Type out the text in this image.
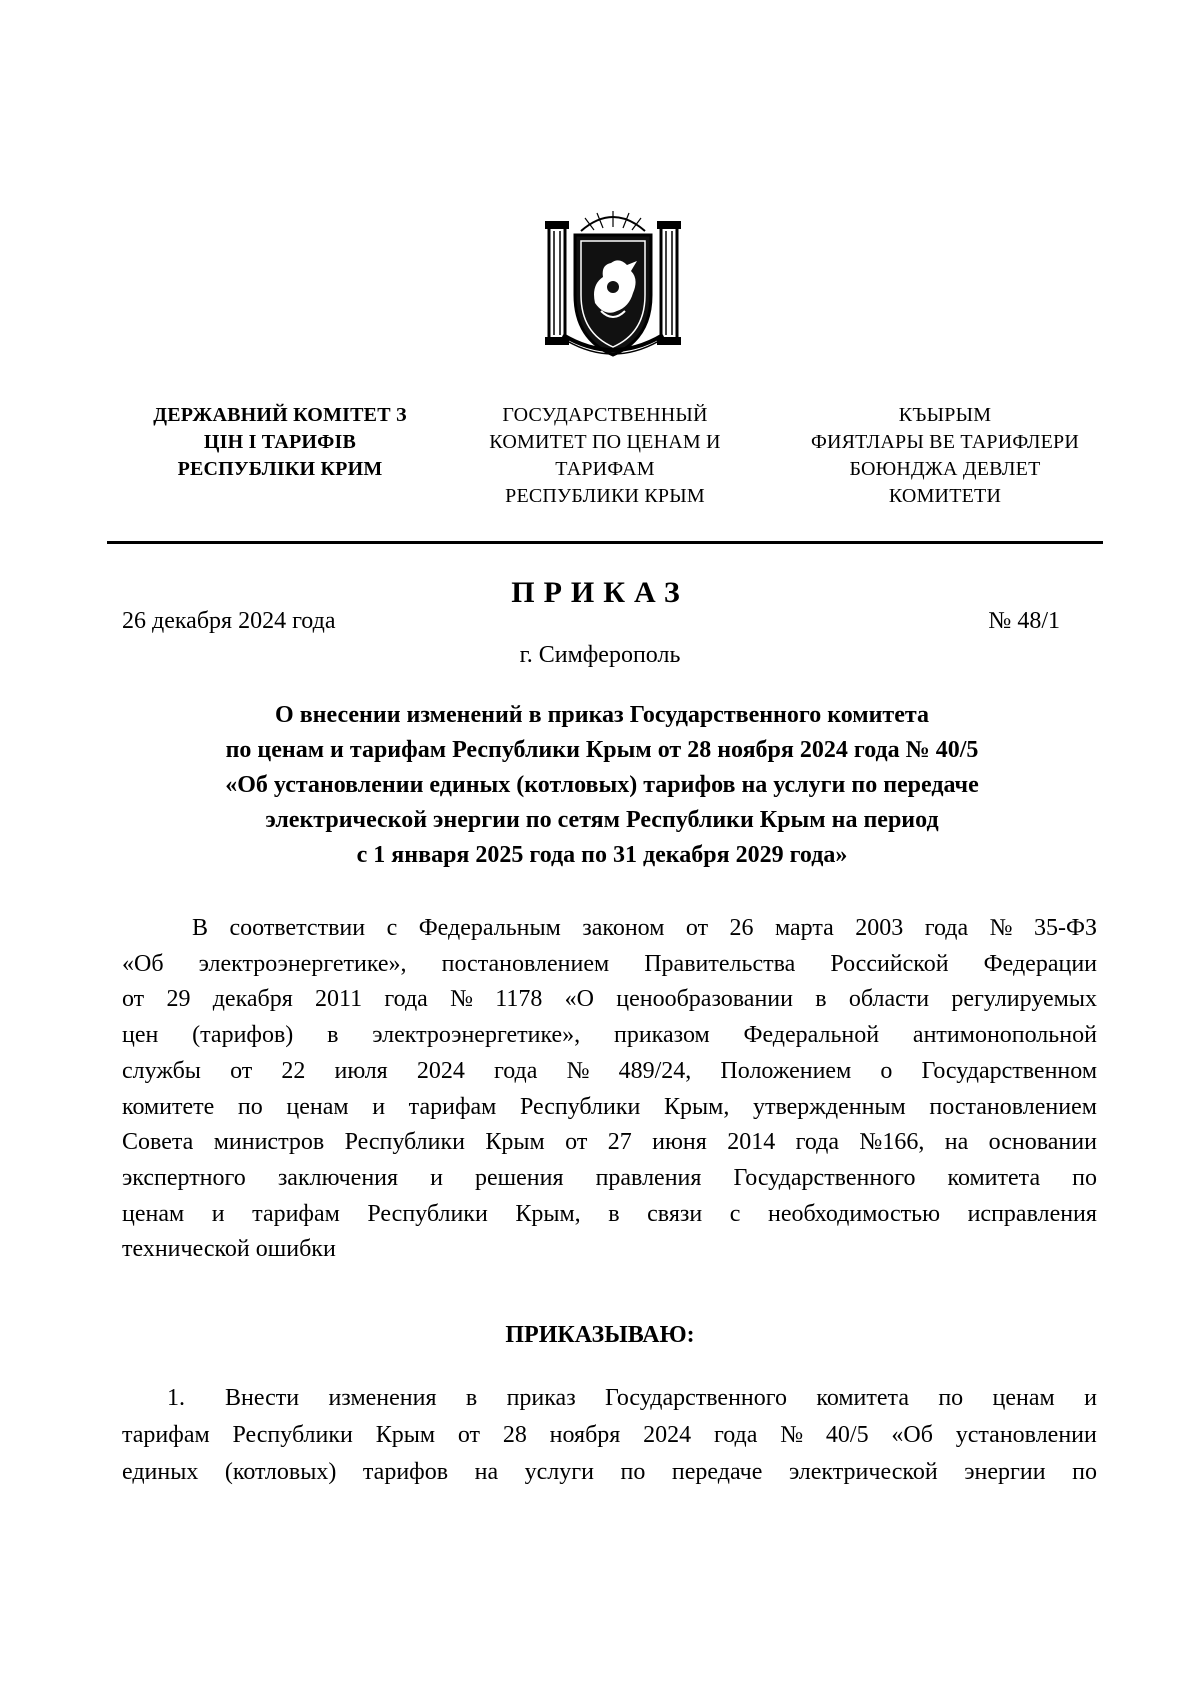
ДЕРЖАВНИЙ КОМІТЕТ З
ЦІН І ТАРИФІВ
РЕСПУБЛІКИ КРИМ
ГОСУДАРСТВЕННЫЙ
КОМИТЕТ ПО ЦЕНАМ И
ТАРИФАМ
РЕСПУБЛИКИ КРЫМ
КЪЫРЫМ
ФИЯТЛАРЫ ВЕ ТАРИФЛЕРИ
БОЮНДЖА ДЕВЛЕТ
КОМИТЕТИ
ПРИКАЗ
26 декабря 2024 года	№ 48/1
г. Симферополь
О внесении изменений в приказ Государственного комитета
по ценам и тарифам Республики Крым от 28 ноября 2024 года № 40/5
«Об установлении единых (котловых) тарифов на услуги по передаче
электрической энергии по сетям Республики Крым на период
с 1 января 2025 года по 31 декабря 2029 года»
В соответствии с Федеральным законом от 26 марта 2003 года № 35-ФЗ
«Об электроэнергетике», постановлением Правительства Российской Федерации
от 29 декабря 2011 года № 1178 «О ценообразовании в области регулируемых
цен (тарифов) в электроэнергетике», приказом Федеральной антимонопольной
службы от 22 июля 2024 года № 489/24, Положением о Государственном
комитете по ценам и тарифам Республики Крым, утвержденным постановлением
Совета министров Республики Крым от 27 июня 2014 года №166, на основании
экспертного заключения и решения правления Государственного комитета по
ценам и тарифам Республики Крым, в связи с необходимостью исправления
технической ошибки
ПРИКАЗЫВАЮ:
1.	Внести изменения в приказ Государственного комитета по ценам и
тарифам Республики Крым от 28 ноября 2024 года № 40/5 «Об установлении
единых (котловых) тарифов на услуги по передаче электрической энергии по
